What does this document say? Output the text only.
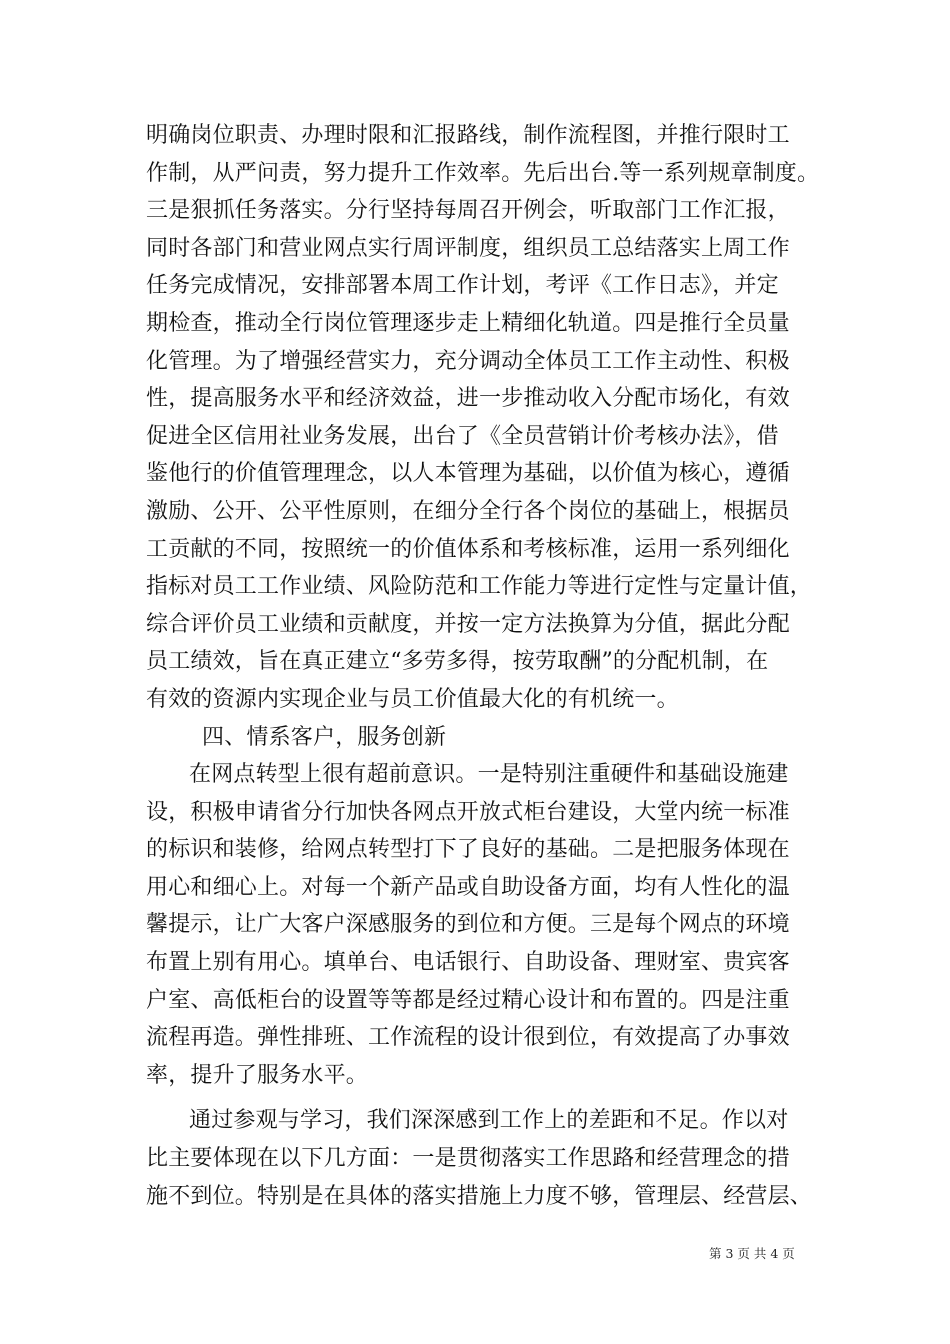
明确岗位职责、办理时限和汇报路线，制作流程图，并推行限时工
作制，从严问责，努力提升工作效率。先后出台.等一系列规章制度。
三是狠抓任务落实。分行坚持每周召开例会，听取部门工作汇报，
同时各部门和营业网点实行周评制度，组织员工总结落实上周工作
任务完成情况，安排部署本周工作计划，考评《工作日志》，并定
期检查，推动全行岗位管理逐步走上精细化轨道。四是推行全员量
化管理。为了增强经营实力，充分调动全体员工工作主动性、积极
性，提高服务水平和经济效益，进一步推动收入分配市场化，有效
促进全区信用社业务发展，出台了《全员营销计价考核办法》，借
鉴他行的价值管理理念，以人本管理为基础，以价值为核心，遵循
激励、公开、公平性原则，在细分全行各个岗位的基础上，根据员
工贡献的不同，按照统一的价值体系和考核标准，运用一系列细化
指标对员工工作业绩、风险防范和工作能力等进行定性与定量计值，
综合评价员工业绩和贡献度，并按一定方法换算为分值，据此分配
员工绩效，旨在真正建立“多劳多得，按劳取酬”的分配机制，在
有效的资源内实现企业与员工价值最大化的有机统一。
四、情系客户，服务创新
在网点转型上很有超前意识。一是特别注重硬件和基础设施建
设，积极申请省分行加快各网点开放式柜台建设，大堂内统一标准
的标识和装修，给网点转型打下了良好的基础。二是把服务体现在
用心和细心上。对每一个新产品或自助设备方面，均有人性化的温
馨提示，让广大客户深感服务的到位和方便。三是每个网点的环境
布置上别有用心。填单台、电话银行、自助设备、理财室、贵宾客
户室、高低柜台的设置等等都是经过精心设计和布置的。四是注重
流程再造。弹性排班、工作流程的设计很到位，有效提高了办事效
率，提升了服务水平。
通过参观与学习，我们深深感到工作上的差距和不足。作以对
比主要体现在以下几方面：一是贯彻落实工作思路和经营理念的措
施不到位。特别是在具体的落实措施上力度不够，管理层、经营层、
第 3 页 共 4 页
